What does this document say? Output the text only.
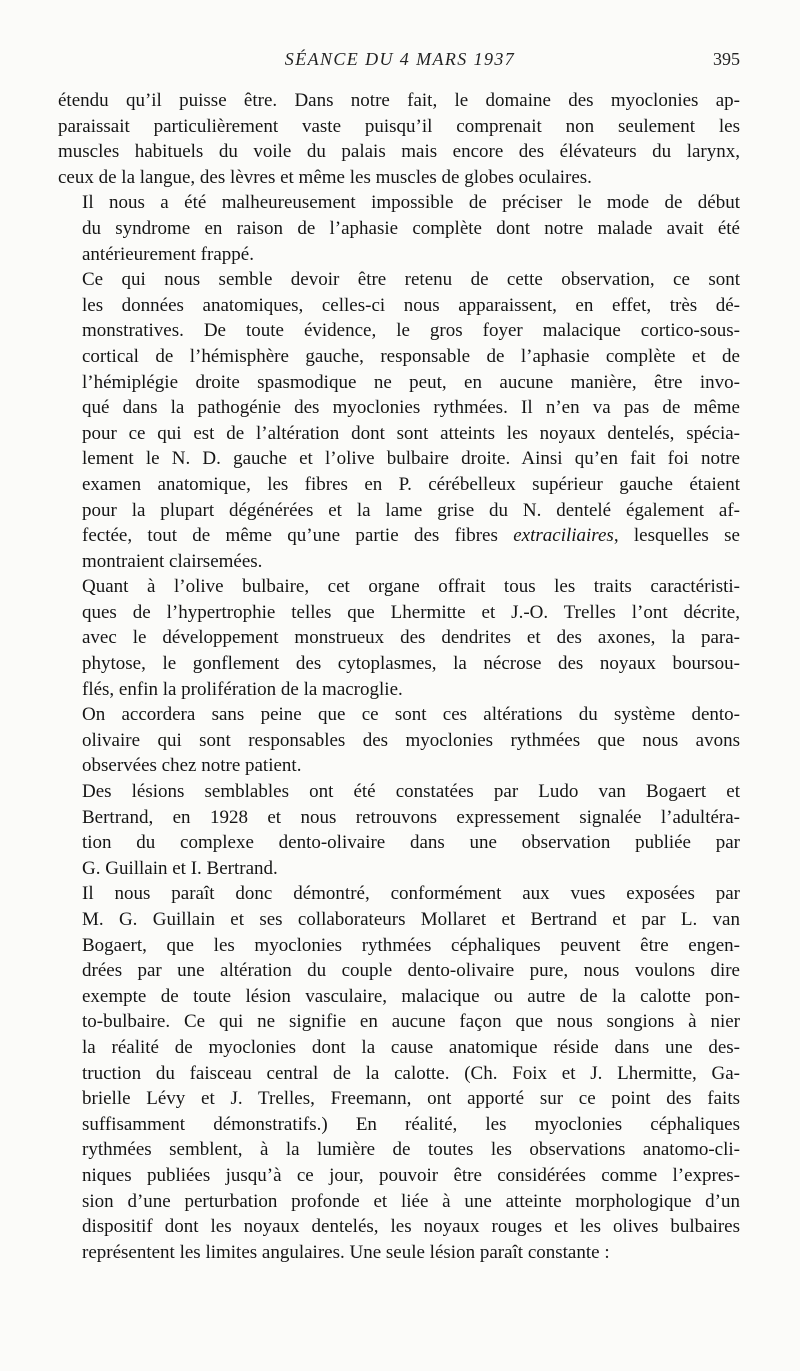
SÉANCE DU 4 MARS 1937	395

étendu qu’il puisse être. Dans notre fait, le domaine des myoclonies ap-
paraissait particulièrement vaste puisqu’il comprenait non seulement les
muscles habituels du voile du palais mais encore des élévateurs du larynx,
ceux de la langue, des lèvres et même les muscles de globes oculaires.

Il nous a été malheureusement impossible de préciser le mode de début
du syndrome en raison de l’aphasie complète dont notre malade avait été
antérieurement frappé.

Ce qui nous semble devoir être retenu de cette observation, ce sont
les données anatomiques, celles-ci nous apparaissent, en effet, très dé-
monstratives. De toute évidence, le gros foyer malacique cortico-sous-
cortical de l’hémisphère gauche, responsable de l’aphasie complète et de
l’hémiplégie droite spasmodique ne peut, en aucune manière, être invo-
qué dans la pathogénie des myoclonies rythmées. Il n’en va pas de même
pour ce qui est de l’altération dont sont atteints les noyaux dentelés, spécia-
lement le N. D. gauche et l’olive bulbaire droite. Ainsi qu’en fait foi notre
examen anatomique, les fibres en P. cérébelleux supérieur gauche étaient
pour la plupart dégénérées et la lame grise du N. dentelé également af-
fectée, tout de même qu’une partie des fibres extraciliaires, lesquelles se
montraient clairsemées.

Quant à l’olive bulbaire, cet organe offrait tous les traits caractéristi-
ques de l’hypertrophie telles que Lhermitte et J.-O. Trelles l’ont décrite,
avec le développement monstrueux des dendrites et des axones, la para-
phytose, le gonflement des cytoplasmes, la nécrose des noyaux boursou-
flés, enfin la prolifération de la macroglie.

On accordera sans peine que ce sont ces altérations du système dento-
olivaire qui sont responsables des myoclonies rythmées que nous avons
observées chez notre patient.

Des lésions semblables ont été constatées par Ludo van Bogaert et
Bertrand, en 1928 et nous retrouvons expressement signalée l’adultéra-
tion du complexe dento-olivaire dans une observation publiée par
G. Guillain et I. Bertrand.

Il nous paraît donc démontré, conformément aux vues exposées par
M. G. Guillain et ses collaborateurs Mollaret et Bertrand et par L. van
Bogaert, que les myoclonies rythmées céphaliques peuvent être engen-
drées par une altération du couple dento-olivaire pure, nous voulons dire
exempte de toute lésion vasculaire, malacique ou autre de la calotte pon-
to-bulbaire. Ce qui ne signifie en aucune façon que nous songions à nier
la réalité de myoclonies dont la cause anatomique réside dans une des-
truction du faisceau central de la calotte. (Ch. Foix et J. Lhermitte, Ga-
brielle Lévy et J. Trelles, Freemann, ont apporté sur ce point des faits
suffisamment démonstratifs.) En réalité, les myoclonies céphaliques
rythmées semblent, à la lumière de toutes les observations anatomo-cli-
niques publiées jusqu’à ce jour, pouvoir être considérées comme l’expres-
sion d’une perturbation profonde et liée à une atteinte morphologique d’un
dispositif dont les noyaux dentelés, les noyaux rouges et les olives bulbaires
représentent les limites angulaires. Une seule lésion paraît constante :
